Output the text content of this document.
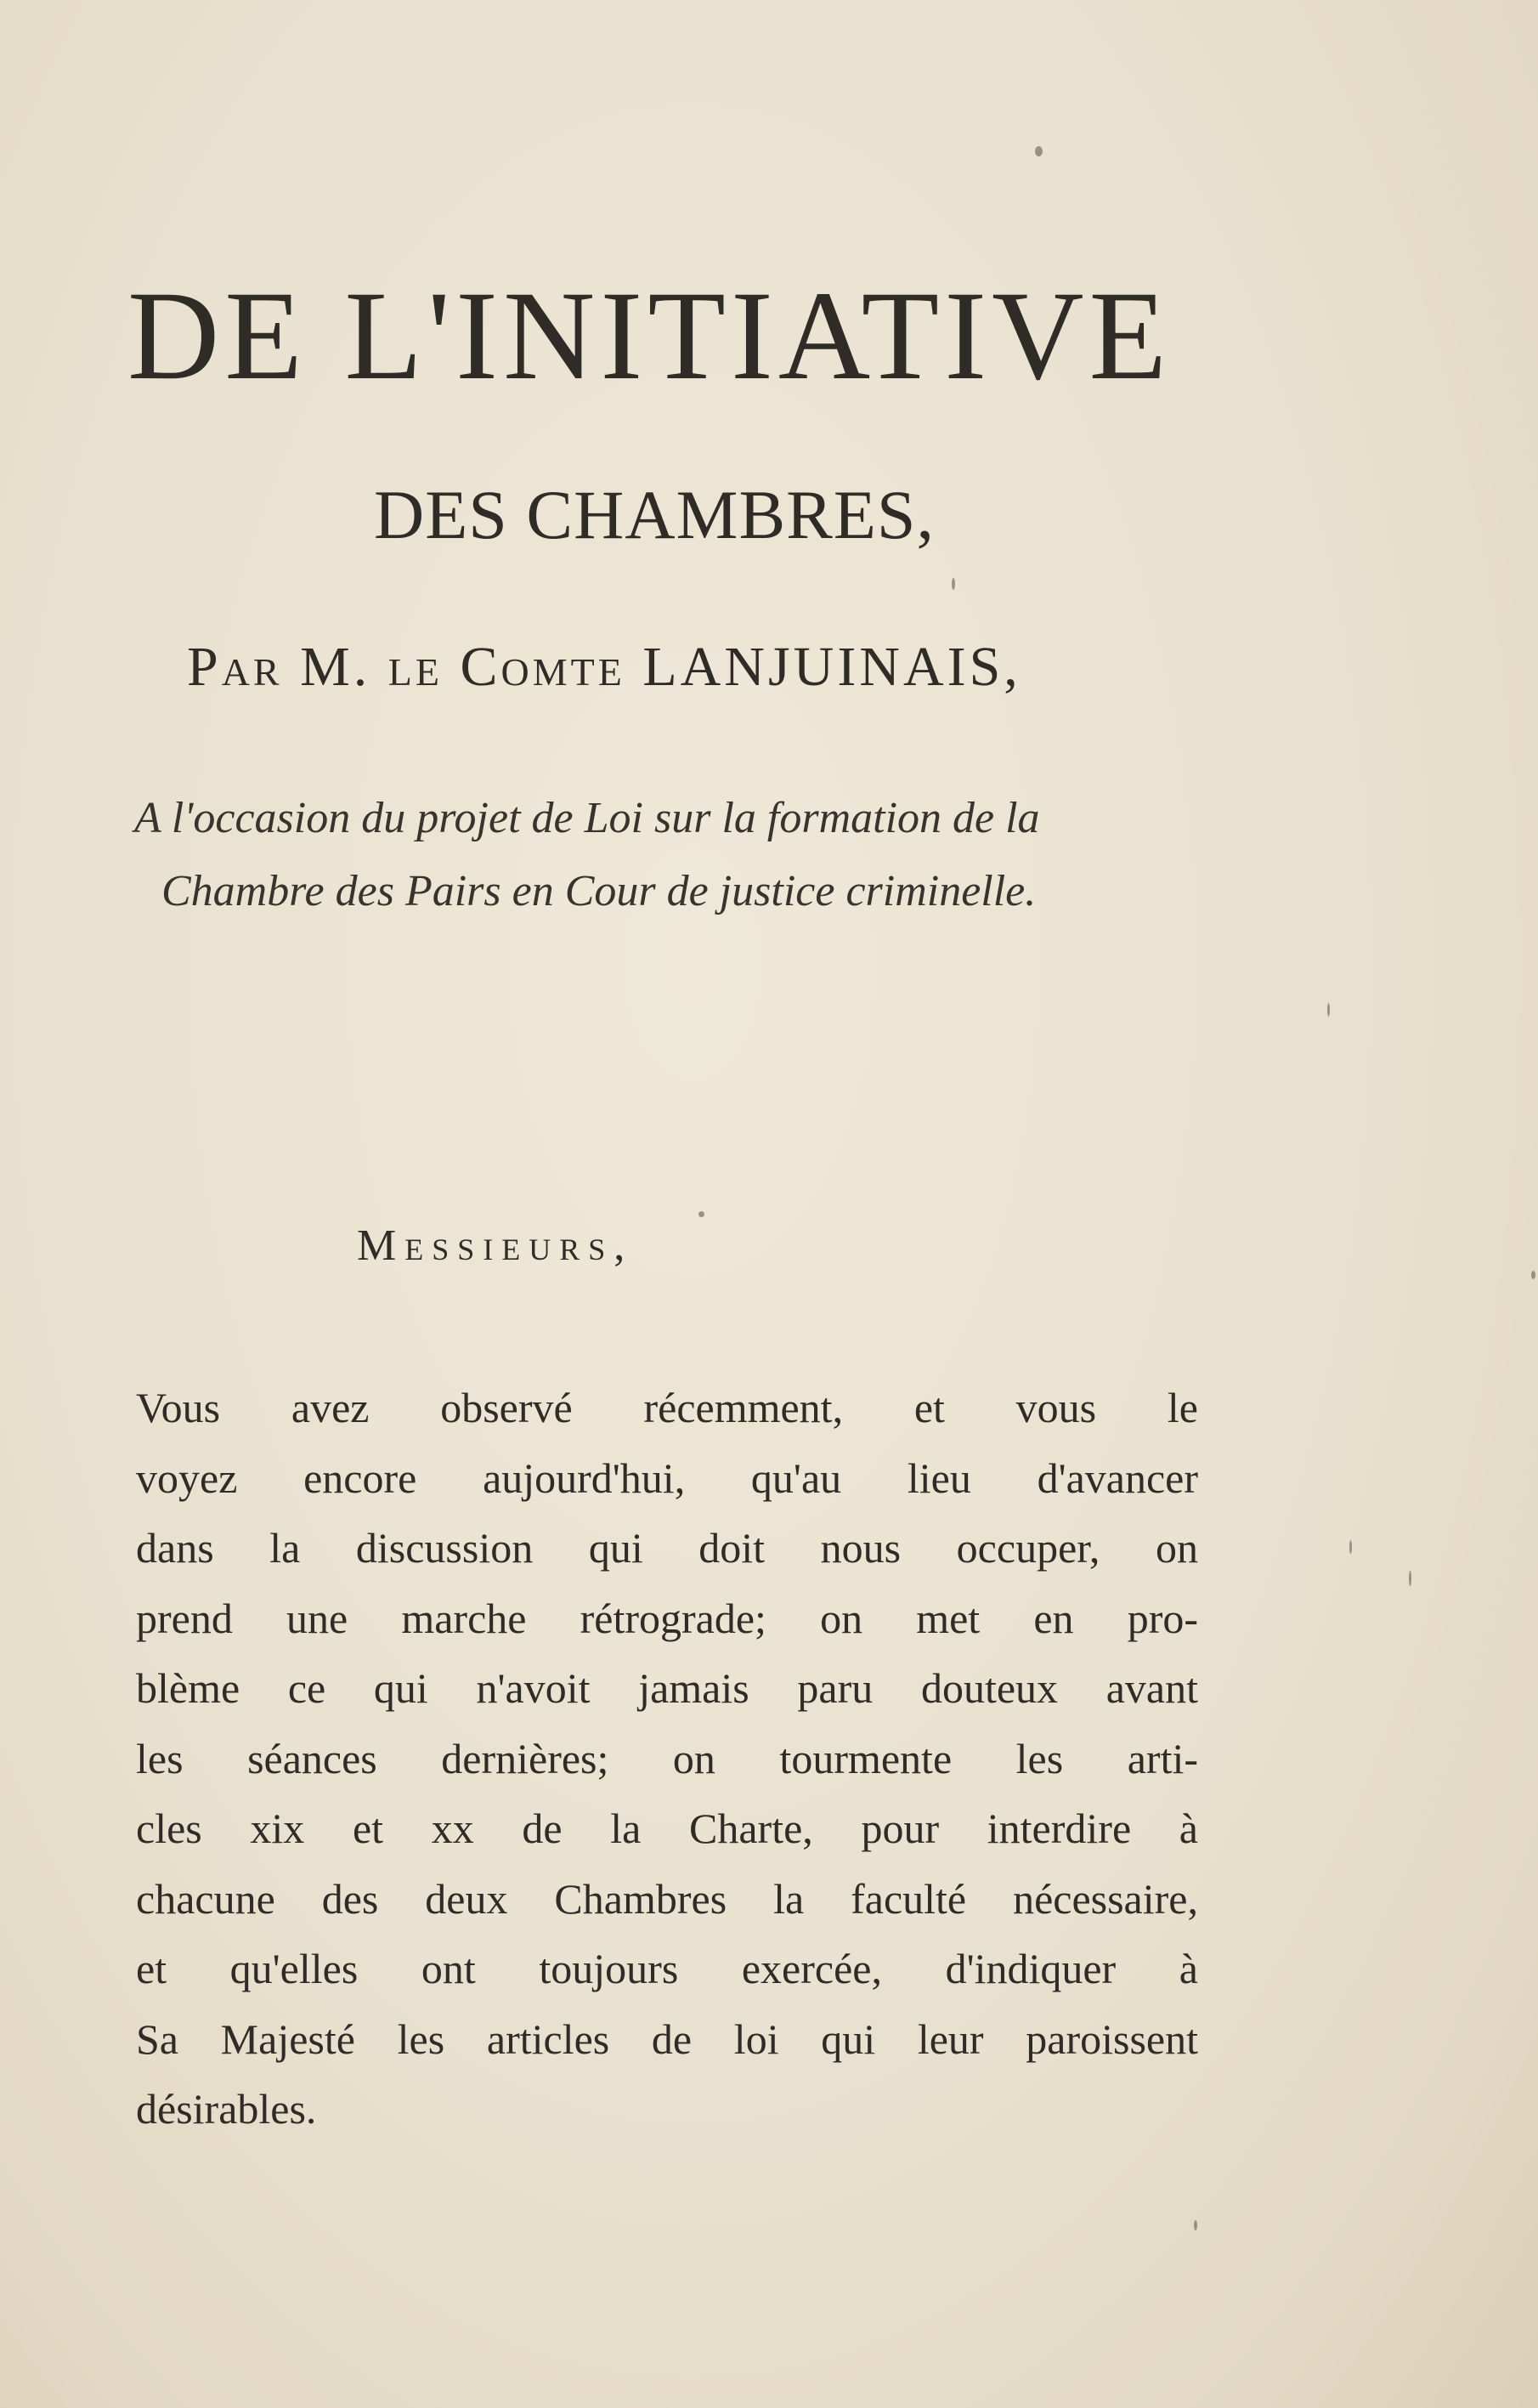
DE L'INITIATIVE
DES CHAMBRES,
Par M. le Comte LANJUINAIS,

A l'occasion du projet de Loi sur la formation de la
Chambre des Pairs en Cour de justice criminelle.

Messieurs,

Vous avez observé récemment, et vous le
voyez encore aujourd'hui, qu'au lieu d'avancer
dans la discussion qui doit nous occuper, on
prend une marche rétrograde; on met en pro-
blème ce qui n'avoit jamais paru douteux avant
les séances dernières; on tourmente les arti-
cles xix et xx de la Charte, pour interdire à
chacune des deux Chambres la faculté nécessaire,
et qu'elles ont toujours exercée, d'indiquer à
Sa Majesté les articles de loi qui leur paroissent
désirables.
